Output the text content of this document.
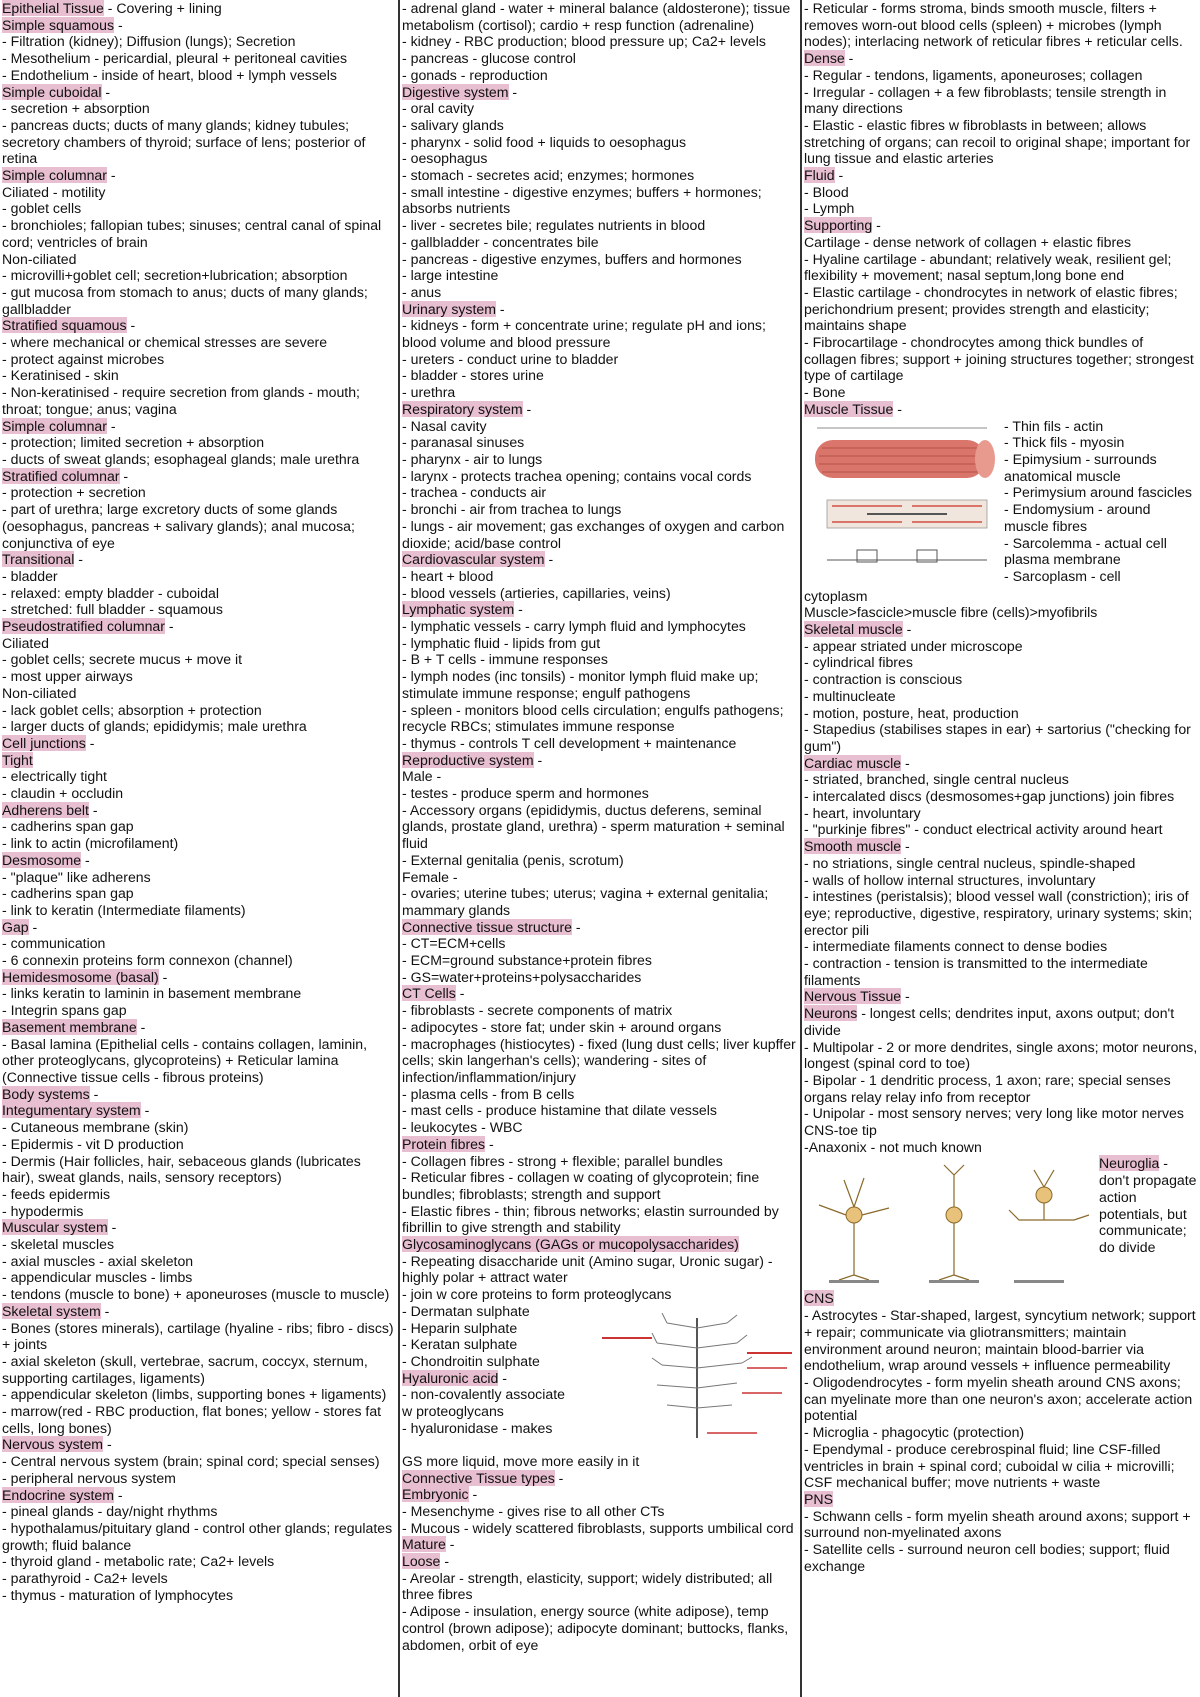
Epithelial Tissue - Covering + lining
Simple squamous -
- Filtration (kidney); Diffusion (lungs); Secretion
- Mesothelium - pericardial, pleural + peritoneal cavities
- Endothelium - inside of heart, blood + lymph vessels
Simple cuboidal -
- secretion + absorption
- pancreas ducts; ducts of many glands; kidney tubules; secretory chambers of thyroid; surface of lens; posterior of retina
Simple columnar -
Ciliated - motility
- goblet cells
- bronchioles; fallopian tubes; sinuses; central canal of spinal cord; ventricles of brain
Non-ciliated
- microvilli+goblet cell; secretion+lubrication; absorption
- gut mucosa from stomach to anus; ducts of many glands; gallbladder
Stratified squamous -
- where mechanical or chemical stresses are severe
- protect against microbes
- Keratinised - skin
- Non-keratinised - require secretion from glands - mouth; throat; tongue; anus; vagina
Simple columnar -
- protection; limited secretion + absorption
- ducts of sweat glands; esophageal glands; male urethra
Stratified columnar -
- protection + secretion
- part of urethra; large excretory ducts of some glands (oesophagus, pancreas + salivary glands); anal mucosa; conjunctiva of eye
Transitional -
- bladder
- relaxed: empty bladder - cuboidal
- stretched: full bladder - squamous
Pseudostratified columnar -
Ciliated
- goblet cells; secrete mucus + move it
- most upper airways
Non-ciliated
- lack goblet cells; absorption + protection
- larger ducts of glands; epididymis; male urethra
Cell junctions -
Tight
- electrically tight
- claudin + occludin
Adherens belt -
- cadherins span gap
- link to actin (microfilament)
Desmosome -
- "plaque" like adherens
- cadherins span gap
- link to keratin (Intermediate filaments)
Gap -
- communication
- 6 connexin proteins form connexon (channel)
Hemidesmosome (basal) -
- links keratin to laminin in basement membrane
- Integrin spans gap
Basement membrane -
- Basal lamina (Epithelial cells - contains collagen, laminin, other proteoglycans, glycoproteins) + Reticular lamina (Connective tissue cells - fibrous proteins)
Body systems -
Integumentary system -
- Cutaneous membrane (skin)
- Epidermis - vit D production
- Dermis (Hair follicles, hair, sebaceous glands (lubricates hair), sweat glands, nails, sensory receptors)
- feeds epidermis
- hypodermis
Muscular system -
- skeletal muscles
- axial muscles - axial skeleton
- appendicular muscles - limbs
- tendons (muscle to bone) + aponeuroses (muscle to muscle)
Skeletal system -
- Bones (stores minerals), cartilage (hyaline - ribs; fibro - discs) + joints
- axial skeleton (skull, vertebrae, sacrum, coccyx, sternum, supporting cartilages, ligaments)
- appendicular skeleton (limbs, supporting bones + ligaments)
- marrow(red - RBC production, flat bones; yellow - stores fat cells, long bones)
Nervous system -
- Central nervous system (brain; spinal cord; special senses)
- peripheral nervous system
Endocrine system -
- pineal glands - day/night rhythms
- hypothalamus/pituitary gland - control other glands; regulates growth; fluid balance
- thyroid gland - metabolic rate; Ca2+ levels
- parathyroid - Ca2+ levels
- thymus - maturation of lymphocytes
- adrenal gland - water + mineral balance (aldosterone); tissue metabolism (cortisol); cardio + resp function (adrenaline)
- kidney - RBC production; blood pressure up; Ca2+ levels
- pancreas - glucose control
- gonads - reproduction
Digestive system -
- oral cavity
- salivary glands
- pharynx - solid food + liquids to oesophagus
- oesophagus
- stomach - secretes acid; enzymes; hormones
- small intestine - digestive enzymes; buffers + hormones; absorbs nutrients
- liver - secretes bile; regulates nutrients in blood
- gallbladder - concentrates bile
- pancreas - digestive enzymes, buffers and hormones
- large intestine
- anus
Urinary system -
- kidneys - form + concentrate urine; regulate pH and ions; blood volume and blood pressure
- ureters - conduct urine to bladder
- bladder - stores urine
- urethra
Respiratory system -
- Nasal cavity
- paranasal sinuses
- pharynx - air to lungs
- larynx - protects trachea opening; contains vocal cords
- trachea - conducts air
- bronchi - air from trachea to lungs
- lungs - air movement; gas exchanges of oxygen and carbon dioxide; acid/base control
Cardiovascular system -
- heart + blood
- blood vessels (artieries, capillaries, veins)
Lymphatic system -
- lymphatic vessels - carry lymph fluid and lymphocytes
- lymphatic fluid - lipids from gut
- B + T cells - immune responses
- lymph nodes (inc tonsils) - monitor lymph fluid make up; stimulate immune response; engulf pathogens
- spleen - monitors blood cells circulation; engulfs pathogens; recycle RBCs; stimulates immune response
- thymus - controls T cell development + maintenance
Reproductive system -
Male -
- testes - produce sperm and hormones
- Accessory organs (epididymis, ductus deferens, seminal glands, prostate gland, urethra) - sperm maturation + seminal fluid
- External genitalia (penis, scrotum)
Female -
- ovaries; uterine tubes; uterus; vagina + external genitalia; mammary glands
Connective tissue structure -
- CT=ECM+cells
- ECM=ground substance+protein fibres
- GS=water+proteins+polysaccharides
CT Cells -
- fibroblasts - secrete components of matrix
- adipocytes - store fat; under skin + around organs
- macrophages (histiocytes) - fixed (lung dust cells; liver kupffer cells; skin langerhan's cells); wandering - sites of infection/inflammation/injury
- plasma cells - from B cells
- mast cells - produce histamine that dilate vessels
- leukocytes - WBC
Protein fibres -
- Collagen fibres - strong + flexible; parallel bundles
- Reticular fibres - collagen w coating of glycoprotein; fine bundles; fibroblasts; strength and support
- Elastic fibres - thin; fibrous networks; elastin surrounded by fibrillin to give strength and stability
Glycosaminoglycans (GAGs or mucopolysaccharides)
- Repeating disaccharide unit (Amino sugar, Uronic sugar) - highly polar + attract water
- join w core proteins to form proteoglycans
- Dermatan sulphate
- Heparin sulphate
- Keratan sulphate
- Chondroitin sulphate
Hyaluronic acid -
- non-covalently associate
w proteoglycans
- hyaluronidase - makes
GS more liquid, move more easily in it
Connective Tissue types -
Embryonic -
- Mesenchyme - gives rise to all other CTs
- Mucous - widely scattered fibroblasts, supports umbilical cord
Mature -
Loose -
- Areolar - strength, elasticity, support; widely distributed; all three fibres
- Adipose - insulation, energy source (white adipose), temp control (brown adipose); adipocyte dominant; buttocks, flanks, abdomen, orbit of eye
- Reticular - forms stroma, binds smooth muscle, filters + removes worn-out blood cells (spleen) + microbes (lymph nodes); interlacing network of reticular fibres + reticular cells.
Dense -
- Regular - tendons, ligaments, aponeuroses; collagen
- Irregular - collagen + a few fibroblasts; tensile strength in many directions
- Elastic - elastic fibres w fibroblasts in between; allows stretching of organs; can recoil to original shape; important for lung tissue and elastic arteries
Fluid -
- Blood
- Lymph
Supporting -
Cartilage - dense network of collagen + elastic fibres
- Hyaline cartilage - abundant; relatively weak, resilient gel; flexibility + movement; nasal septum,long bone end
- Elastic cartilage - chondrocytes in network of elastic fibres; perichondrium present; provides strength and elasticity; maintains shape
- Fibrocartilage - chondrocytes among thick bundles of collagen fibres; support + joining structures together; strongest type of cartilage
- Bone
Muscle Tissue -
- Thin fils - actin
- Thick fils - myosin
- Epimysium - surrounds anatomical muscle
- Perimysium around fascicles
- Endomysium - around muscle fibres
- Sarcolemma - actual cell plasma membrane
- Sarcoplasm - cell
cytoplasm
Muscle>fascicle>muscle fibre (cells)>myofibrils
Skeletal muscle -
- appear striated under microscope
- cylindrical fibres
- contraction is conscious
- multinucleate
- motion, posture, heat, production
- Stapedius (stabilises stapes in ear) + sartorius ("checking for gum")
Cardiac muscle -
- striated, branched, single central nucleus
- intercalated discs (desmosomes+gap junctions) join fibres
- heart, involuntary
- "purkinje fibres" - conduct electrical activity around heart
Smooth muscle -
- no striations, single central nucleus, spindle-shaped
- walls of hollow internal structures, involuntary
- intestines (peristalsis); blood vessel wall (constriction); iris of eye; reproductive, digestive, respiratory, urinary systems; skin; erector pili
- intermediate filaments connect to dense bodies
- contraction - tension is transmitted to the intermediate filaments
Nervous Tissue -
Neurons - longest cells; dendrites input, axons output; don't divide
- Multipolar - 2 or more dendrites, single axons; motor neurons, longest (spinal cord to toe)
- Bipolar - 1 dendritic process, 1 axon; rare; special senses organs relay relay info from receptor
- Unipolar - most sensory nerves; very long like motor nerves CNS-toe tip
-Anaxonix - not much known
Neuroglia - don't propagate action potentials, but communicate; do divide
CNS
- Astrocytes - Star-shaped, largest, syncytium network; support + repair; communicate via gliotransmitters; maintain environment around neuron; maintain blood-barrier via endothelium, wrap around vessels + influence permeability
- Oligodendrocytes - form myelin sheath around CNS axons; can myelinate more than one neuron's axon; accelerate action potential
- Microglia - phagocytic (protection)
- Ependymal - produce cerebrospinal fluid; line CSF-filled ventricles in brain + spinal cord; cuboidal w cilia + microvilli; CSF mechanical buffer; move nutrients + waste
PNS
- Schwann cells - form myelin sheath around axons; support + surround non-myelinated axons
- Satellite cells - surround neuron cell bodies; support; fluid exchange
